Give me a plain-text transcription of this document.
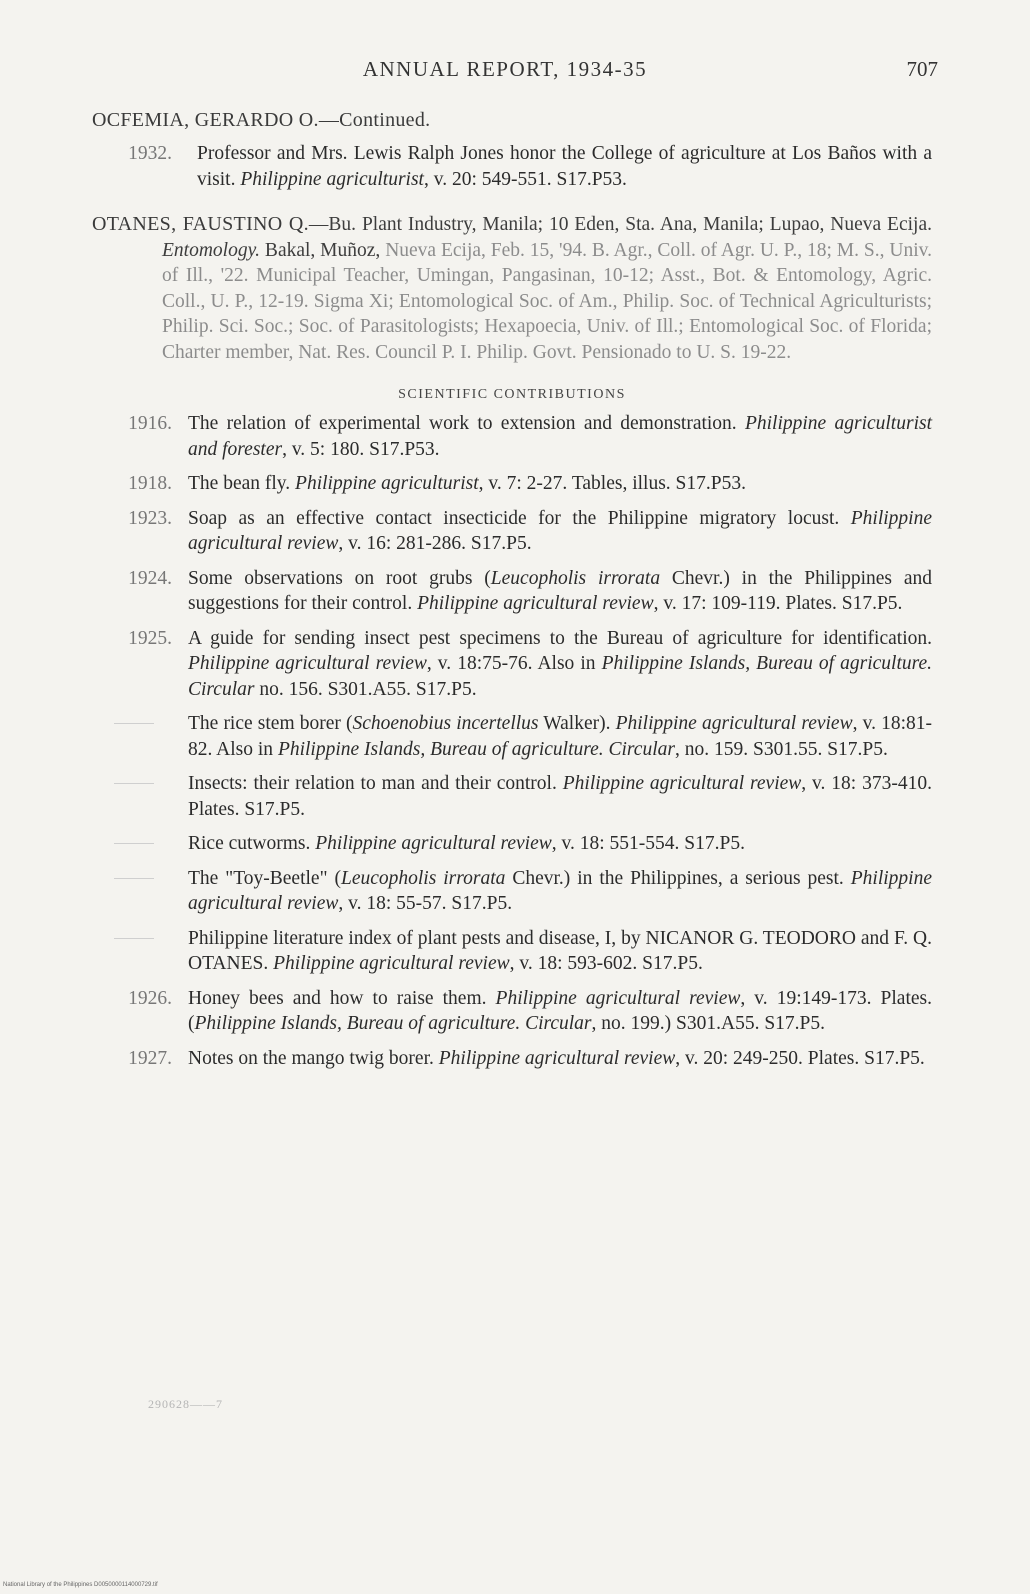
ANNUAL REPORT, 1934-35	707
OCFEMIA, GERARDO O.—Continued.
1932. Professor and Mrs. Lewis Ralph Jones honor the College of agriculture at Los Baños with a visit. Philippine agriculturist, v. 20: 549-551. S17.P53.
OTANES, FAUSTINO Q.—Bu. Plant Industry, Manila; 10 Eden, Sta. Ana, Manila; Lupao, Nueva Ecija. Entomology. Bakal, Muñoz, Nueva Ecija, Feb. 15, '94. B. Agr., Coll. of Agr. U. P., 18; M. S., Univ. of Ill., '22. Municipal Teacher, Umingan, Pangasinan, 10-12; Asst., Bot. & Entomology, Agric. Coll., U. P., 12-19. Sigma Xi; Entomological Soc. of Am., Philip. Soc. of Technical Agriculturists; Philip. Sci. Soc.; Soc. of Parasitologists; Hexapoecia, Univ. of Ill.; Entomological Soc. of Florida; Charter member, Nat. Res. Council P. I. Philip. Govt. Pensionado to U. S. 19-22.
SCIENTIFIC CONTRIBUTIONS
1916. The relation of experimental work to extension and demonstration. Philippine agriculturist and forester, v. 5: 180. S17.P53.
1918. The bean fly. Philippine agriculturist, v. 7: 2-27. Tables, illus. S17.P53.
1923. Soap as an effective contact insecticide for the Philippine migratory locust. Philippine agricultural review, v. 16: 281-286. S17.P5.
1924. Some observations on root grubs (Leucopholis irrorata Chevr.) in the Philippines and suggestions for their control. Philippine agricultural review, v. 17: 109-119. Plates. S17.P5.
1925. A guide for sending insect pest specimens to the Bureau of agriculture for identification. Philippine agricultural review, v. 18:75-76. Also in Philippine Islands, Bureau of agriculture. Circular no. 156. S301.A55. S17.P5.
The rice stem borer (Schoenobius incertellus Walker). Philippine agricultural review, v. 18:81-82. Also in Philippine Islands, Bureau of agriculture. Circular, no. 159. S301.55. S17.P5.
Insects: their relation to man and their control. Philippine agricultural review, v. 18: 373-410. Plates. S17.P5.
Rice cutworms. Philippine agricultural review, v. 18: 551-554. S17.P5.
The "Toy-Beetle" (Leucopholis irrorata Chevr.) in the Philippines, a serious pest. Philippine agricultural review, v. 18: 55-57. S17.P5.
Philippine literature index of plant pests and disease, I, by NICANOR G. TEODORO and F. Q. OTANES. Philippine agricultural review, v. 18: 593-602. S17.P5.
1926. Honey bees and how to raise them. Philippine agricultural review, v. 19:149-173. Plates. (Philippine Islands, Bureau of agriculture. Circular, no. 199.) S301.A55. S17.P5.
1927. Notes on the mango twig borer. Philippine agricultural review, v. 20: 249-250. Plates. S17.P5.
290628——7
National Library of the Philippines D0050000114000729.tif
